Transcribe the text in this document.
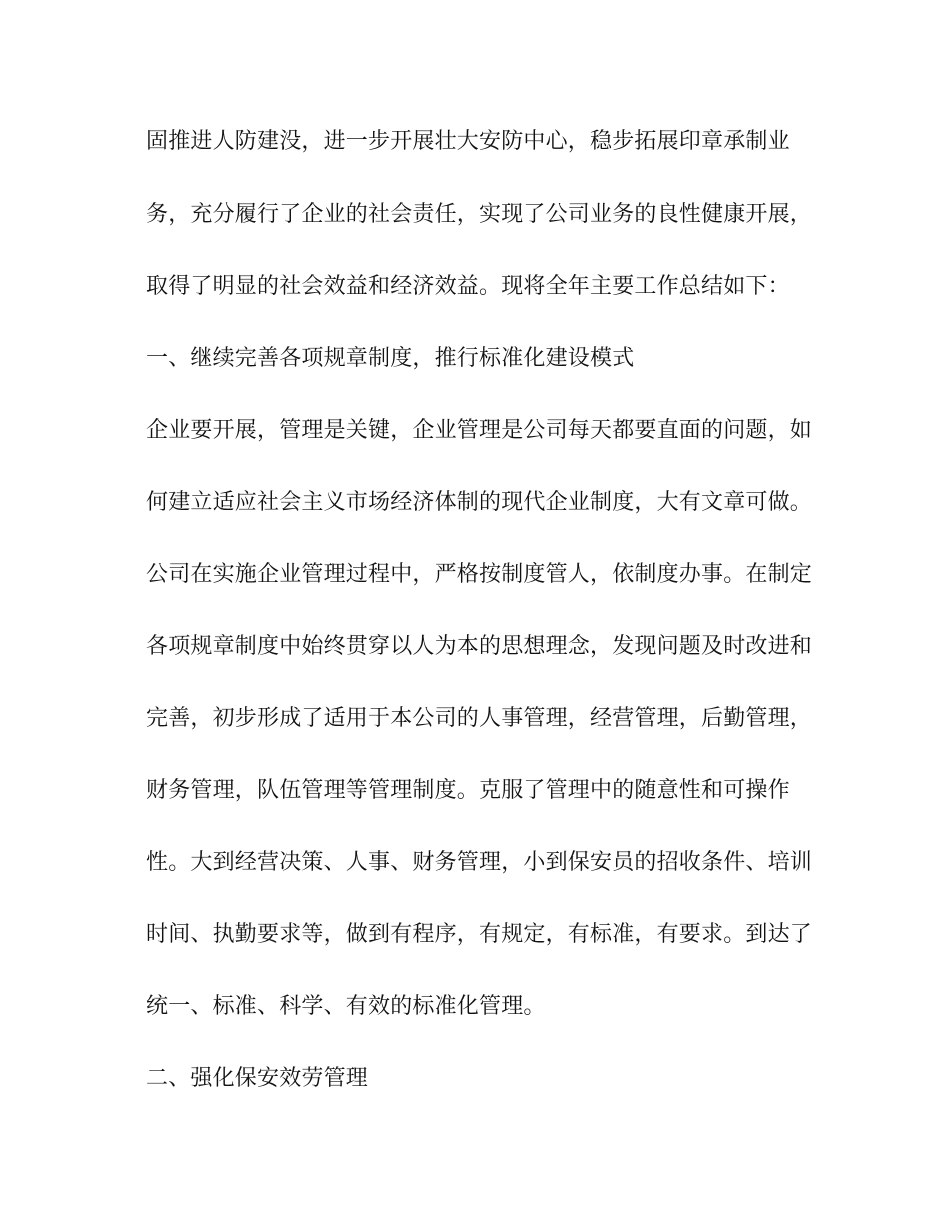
固推进人防建没，进一步开展壮大安防中心，稳步拓展印章承制业
务，充分履行了企业的社会责任，实现了公司业务的良性健康开展，
取得了明显的社会效益和经济效益。现将全年主要工作总结如下：
一、继续完善各项规章制度，推行标准化建设模式
企业要开展，管理是关键，企业管理是公司每天都要直面的问题，如
何建立适应社会主义市场经济体制的现代企业制度，大有文章可做。
公司在实施企业管理过程中，严格按制度管人，依制度办事。在制定
各项规章制度中始终贯穿以人为本的思想理念，发现问题及时改进和
完善，初步形成了适用于本公司的人事管理，经营管理，后勤管理，
财务管理，队伍管理等管理制度。克服了管理中的随意性和可操作
性。大到经营决策、人事、财务管理，小到保安员的招收条件、培训
时间、执勤要求等，做到有程序，有规定，有标准，有要求。到达了
统一、标准、科学、有效的标准化管理。
二、强化保安效劳管理
